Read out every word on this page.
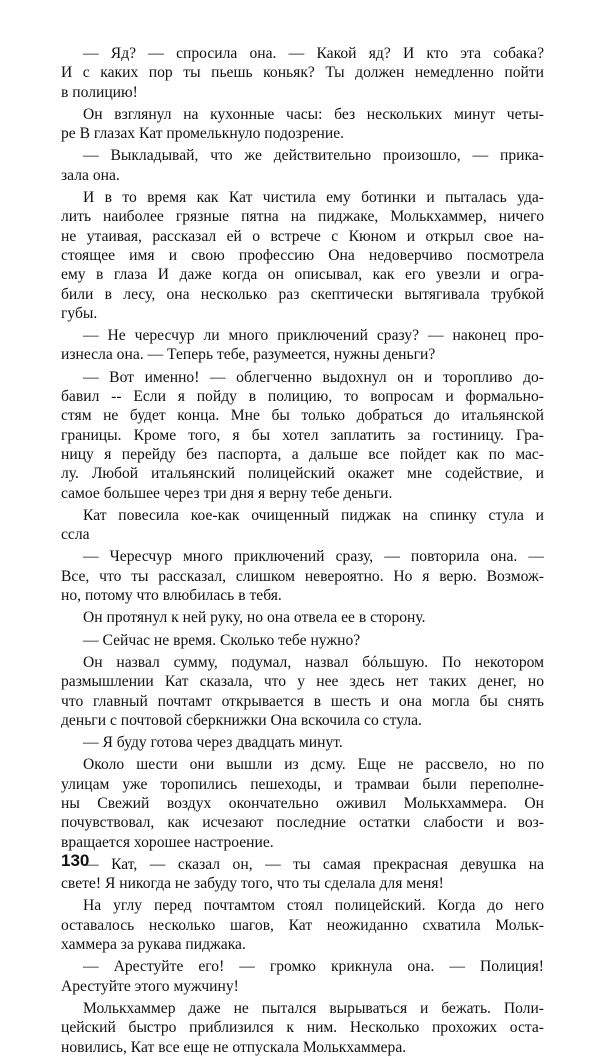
— Яд? — спросила она. — Какой яд? И кто эта собака?
И с каких пор ты пьешь коньяк? Ты должен немедленно пойти
в полицию!
Он взглянул на кухонные часы: без нескольких минут четы-
ре В глазах Кат промелькнуло подозрение.
— Выкладывай, что же действительно произошло, — прика-
зала она.
И в то время как Кат чистила ему ботинки и пыталась уда-
лить наиболее грязные пятна на пиджаке, Молькхаммер, ничего
не утаивая, рассказал ей о встрече с Кюном и открыл свое на-
стоящее имя и свою профессию Она недоверчиво посмотрела
ему в глаза И даже когда он описывал, как его увезли и огра-
били в лесу, она несколько раз скептически вытягивала трубкой
губы.
— Не чересчур ли много приключений сразу? — наконец про-
изнесла она. — Теперь тебе, разумеется, нужны деньги?
— Вот именно! — облегченно выдохнул он и торопливо до-
бавил -- Если я пойду в полицию, то вопросам и формально-
стям не будет конца. Мне бы только добраться до итальянской
границы. Кроме того, я бы хотел заплатить за гостиницу. Гра-
ницу я перейду без паспорта, а дальше все пойдет как по мас-
лу. Любой итальянский полицейский окажет мне содействие, и
самое большее через три дня я верну тебе деньги.
Кат повесила кое-как очищенный пиджак на спинку стула и
ссла
— Чересчур много приключений сразу, — повторила она. —
Все, что ты рассказал, слишком невероятно. Но я верю. Возмож-
но, потому что влюбилась в тебя.
Он протянул к ней руку, но она отвела ее в сторону.
— Сейчас не время. Сколько тебе нужно?
Он назвал сумму, подумал, назвал бóльшую. По некотором
размышлении Кат сказала, что у нее здесь нет таких денег, но
что главный почтамт открывается в шесть и она могла бы снять
деньги с почтовой сберкнижки Она вскочила со стула.
— Я буду готова через двадцать минут.
Около шести они вышли из дсму. Еще не рассвело, но по
улицам уже торопились пешеходы, и трамваи были переполне-
ны Свежий воздух окончательно оживил Молькхаммера. Он
почувствовал, как исчезают последние остатки слабости и воз-
вращается хорошее настроение.
— Кат, — сказал он, — ты самая прекрасная девушка на
свете! Я никогда не забуду того, что ты сделала для меня!
На углу перед почтамтом стоял полицейский. Когда до него
оставалось несколько шагов, Кат неожиданно схватила Мольк-
хаммера за рукава пиджака.
— Арестуйте его! — громко крикнула она. — Полиция!
Арестуйте этого мужчину!
Молькхаммер даже не пытался вырываться и бежать. Поли-
цейский быстро приблизился к ним. Несколько прохожих оста-
новились, Кат все еще не отпускала Молькхаммера.
130
